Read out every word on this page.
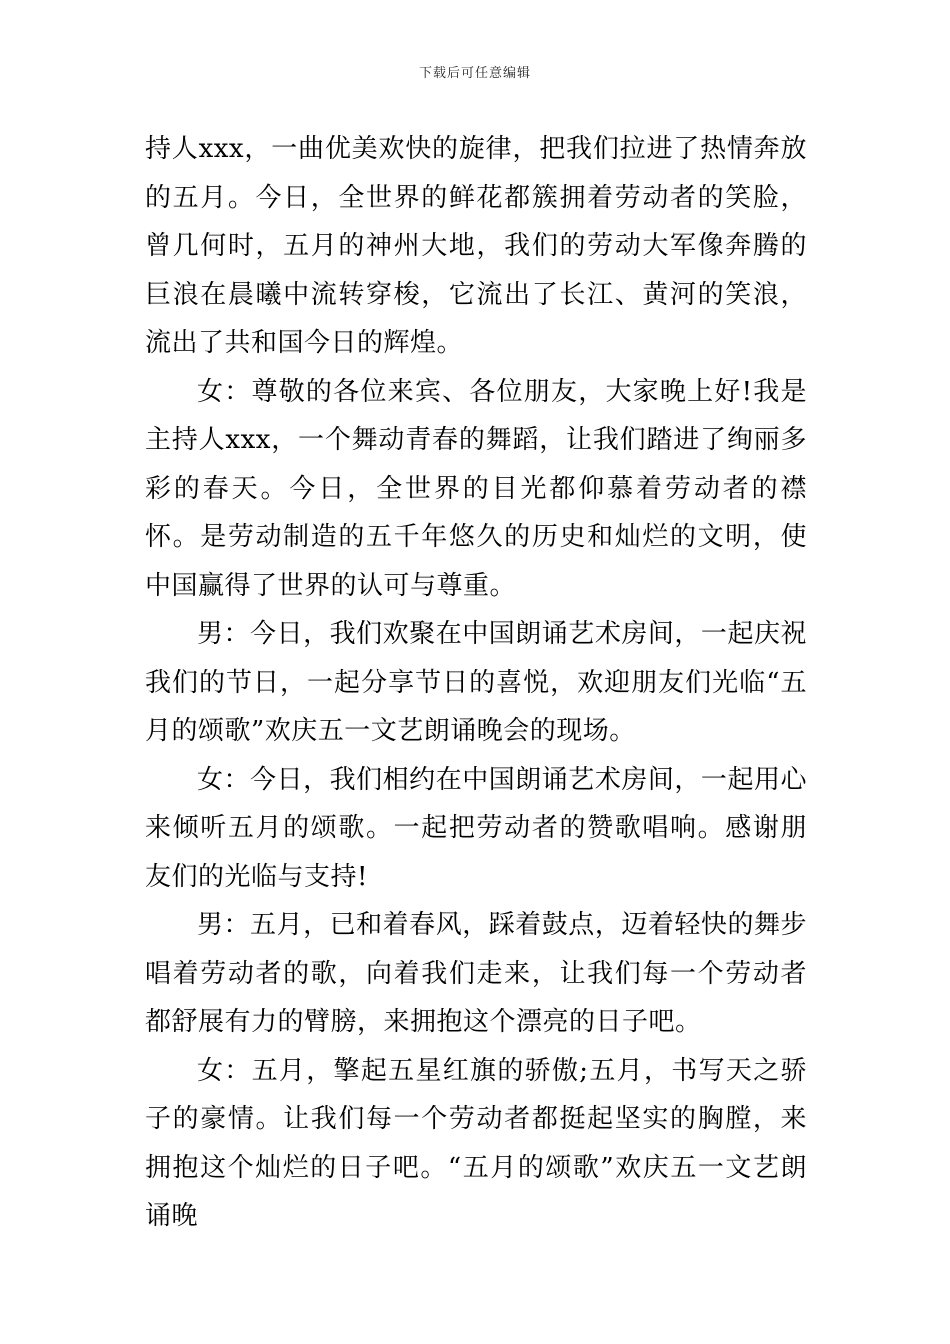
下载后可任意编辑

持人xxx，一曲优美欢快的旋律，把我们拉进了热情奔放的五月。今日，全世界的鲜花都簇拥着劳动者的笑脸，曾几何时，五月的神州大地，我们的劳动大军像奔腾的巨浪在晨曦中流转穿梭，它流出了长江、黄河的笑浪，流出了共和国今日的辉煌。

女：尊敬的各位来宾、各位朋友，大家晚上好!我是主持人xxx，一个舞动青春的舞蹈，让我们踏进了绚丽多彩的春天。今日，全世界的目光都仰慕着劳动者的襟怀。是劳动制造的五千年悠久的历史和灿烂的文明，使中国赢得了世界的认可与尊重。

男：今日，我们欢聚在中国朗诵艺术房间，一起庆祝我们的节日，一起分享节日的喜悦，欢迎朋友们光临“五月的颂歌”欢庆五一文艺朗诵晚会的现场。

女：今日，我们相约在中国朗诵艺术房间，一起用心来倾听五月的颂歌。一起把劳动者的赞歌唱响。感谢朋友们的光临与支持!

男：五月，已和着春风，踩着鼓点，迈着轻快的舞步唱着劳动者的歌，向着我们走来，让我们每一个劳动者都舒展有力的臂膀，来拥抱这个漂亮的日子吧。

女：五月，擎起五星红旗的骄傲;五月，书写天之骄子的豪情。让我们每一个劳动者都挺起坚实的胸膛，来拥抱这个灿烂的日子吧。“五月的颂歌”欢庆五一文艺朗诵晚
